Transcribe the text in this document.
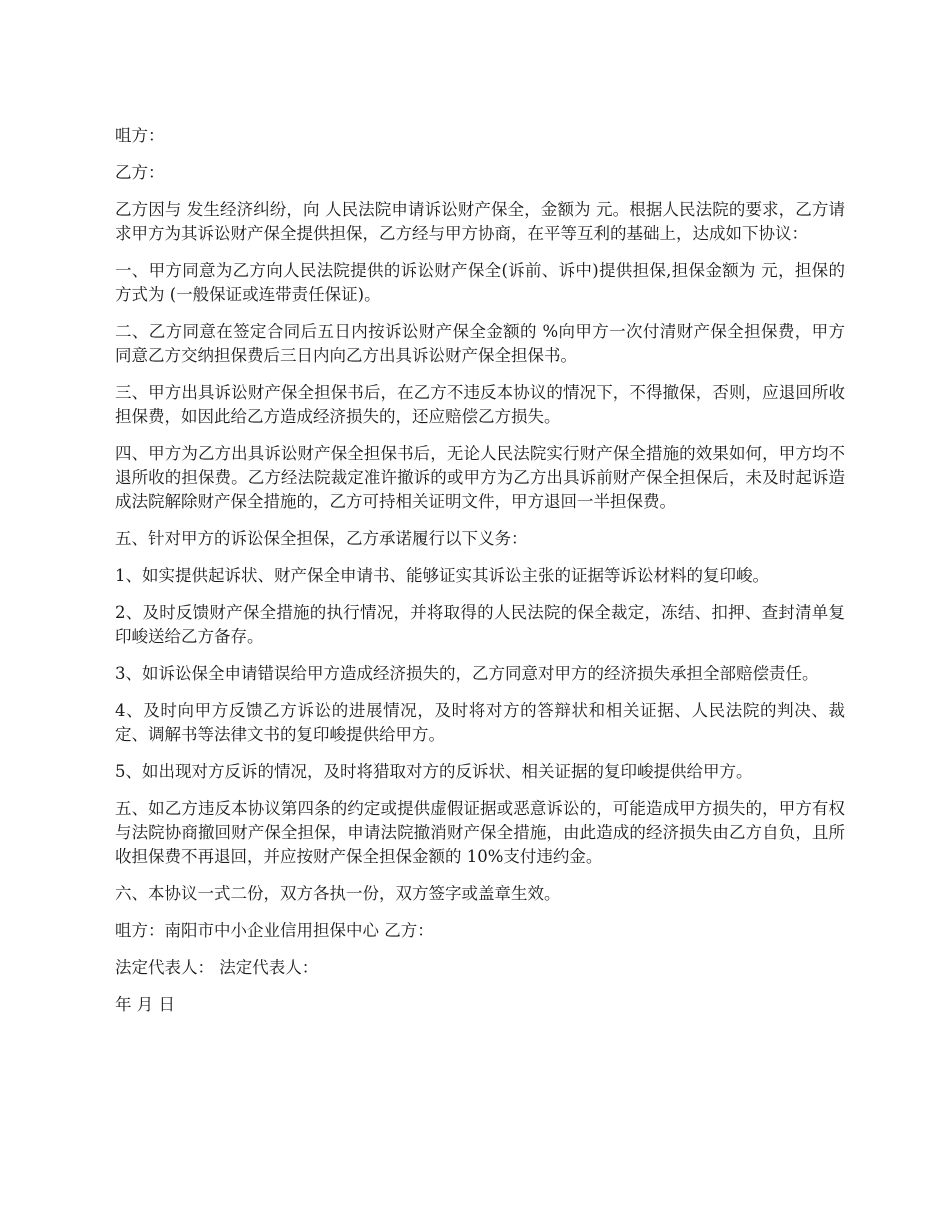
咀方：

乙方：

乙方因与 发生经济纠纷，向 人民法院申请诉讼财产保全，金额为 元。根据人民法院的要求，乙方请求甲方为其诉讼财产保全提供担保，乙方经与甲方协商，在平等互利的基础上，达成如下协议：

一、甲方同意为乙方向人民法院提供的诉讼财产保全(诉前、诉中)提供担保,担保金额为 元，担保的方式为 (一般保证或连带责任保证)。

二、乙方同意在签定合同后五日内按诉讼财产保全金额的 %向甲方一次付清财产保全担保费，甲方同意乙方交纳担保费后三日内向乙方出具诉讼财产保全担保书。

三、甲方出具诉讼财产保全担保书后，在乙方不违反本协议的情况下，不得撤保，否则，应退回所收担保费，如因此给乙方造成经济损失的，还应赔偿乙方损失。

四、甲方为乙方出具诉讼财产保全担保书后，无论人民法院实行财产保全措施的效果如何，甲方均不退所收的担保费。乙方经法院裁定准许撤诉的或甲方为乙方出具诉前财产保全担保后，未及时起诉造成法院解除财产保全措施的，乙方可持相关证明文件，甲方退回一半担保费。

五、针对甲方的诉讼保全担保，乙方承诺履行以下义务：

1、如实提供起诉状、财产保全申请书、能够证实其诉讼主张的证据等诉讼材料的复印峻。

2、及时反馈财产保全措施的执行情况，并将取得的人民法院的保全裁定，冻结、扣押、查封清单复印峻送给乙方备存。

3、如诉讼保全申请错误给甲方造成经济损失的，乙方同意对甲方的经济损失承担全部赔偿责任。

4、及时向甲方反馈乙方诉讼的进展情况，及时将对方的答辩状和相关证据、人民法院的判决、裁定、调解书等法律文书的复印峻提供给甲方。

5、如出现对方反诉的情况，及时将猎取对方的反诉状、相关证据的复印峻提供给甲方。

五、如乙方违反本协议第四条的约定或提供虚假证据或恶意诉讼的，可能造成甲方损失的，甲方有权与法院协商撤回财产保全担保，申请法院撤消财产保全措施，由此造成的经济损失由乙方自负，且所收担保费不再退回，并应按财产保全担保金额的 10%支付违约金。

六、本协议一式二份，双方各执一份，双方签字或盖章生效。

咀方：南阳市中小企业信用担保中心 乙方：

法定代表人： 法定代表人：

年 月 日
